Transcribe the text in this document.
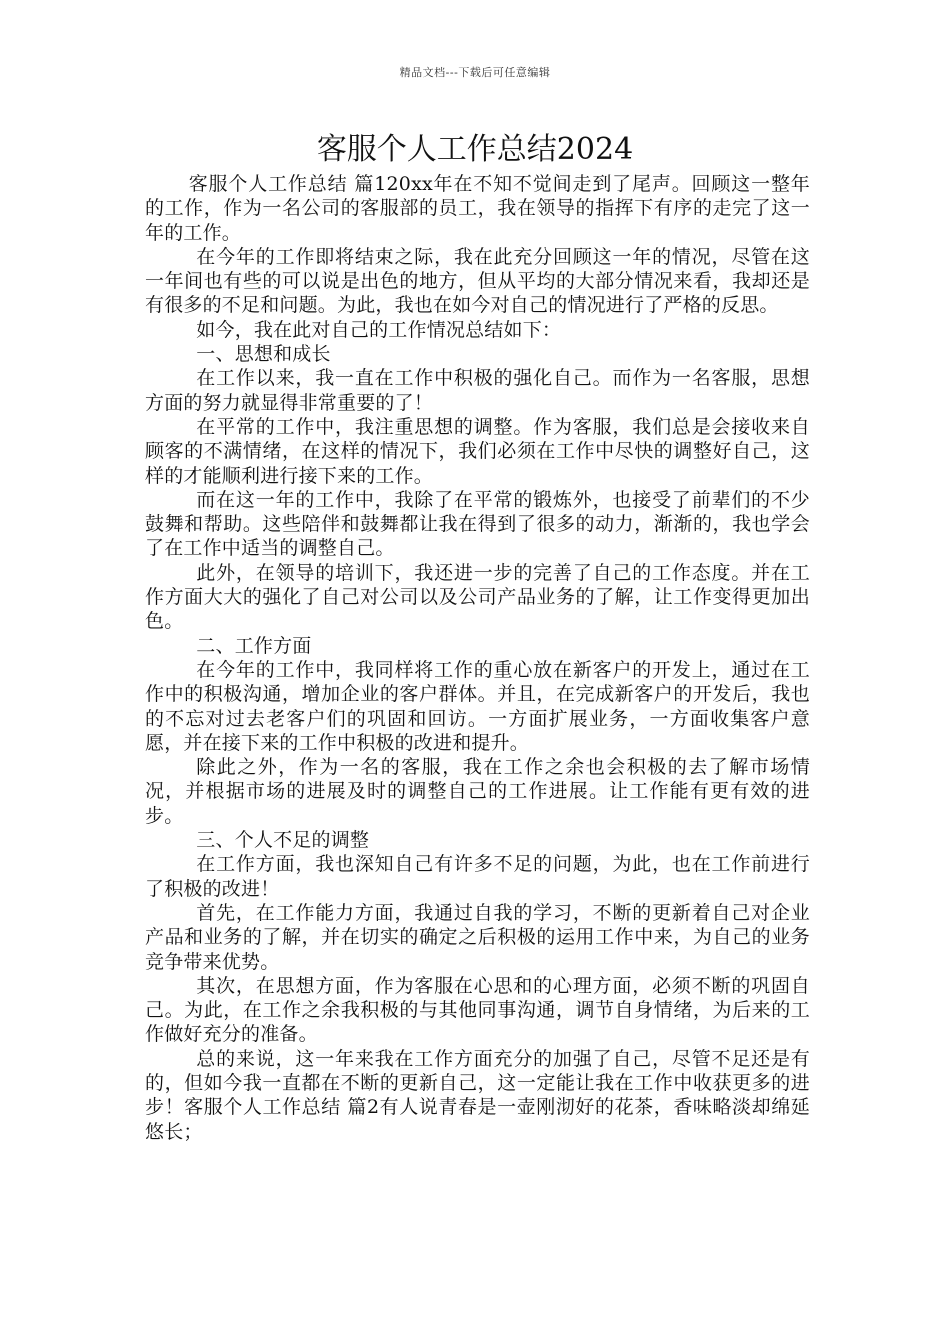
精品文档---下载后可任意编辑
客服个人工作总结2024

客服个人工作总结 篇120xx年在不知不觉间走到了尾声。回顾这一整年的工作，作为一名公司的客服部的员工，我在领导的指挥下有序的走完了这一年的工作。

在今年的工作即将结束之际，我在此充分回顾这一年的情况，尽管在这一年间也有些的可以说是出色的地方，但从平均的大部分情况来看，我却还是有很多的不足和问题。为此，我也在如今对自己的情况进行了严格的反思。

如今，我在此对自己的工作情况总结如下：

一、思想和成长

在工作以来，我一直在工作中积极的强化自己。而作为一名客服，思想方面的努力就显得非常重要的了！

在平常的工作中，我注重思想的调整。作为客服，我们总是会接收来自顾客的不满情绪，在这样的情况下，我们必须在工作中尽快的调整好自己，这样的才能顺利进行接下来的工作。

而在这一年的工作中，我除了在平常的锻炼外，也接受了前辈们的不少鼓舞和帮助。这些陪伴和鼓舞都让我在得到了很多的动力，渐渐的，我也学会了在工作中适当的调整自己。

此外，在领导的培训下，我还进一步的完善了自己的工作态度。并在工作方面大大的强化了自己对公司以及公司产品业务的了解，让工作变得更加出色。

二、工作方面

在今年的工作中，我同样将工作的重心放在新客户的开发上，通过在工作中的积极沟通，增加企业的客户群体。并且，在完成新客户的开发后，我也的不忘对过去老客户们的巩固和回访。一方面扩展业务，一方面收集客户意愿，并在接下来的工作中积极的改进和提升。

除此之外，作为一名的客服，我在工作之余也会积极的去了解市场情况，并根据市场的进展及时的调整自己的工作进展。让工作能有更有效的进步。

三、个人不足的调整

在工作方面，我也深知自己有许多不足的问题，为此，也在工作前进行了积极的改进！

首先，在工作能力方面，我通过自我的学习，不断的更新着自己对企业产品和业务的了解，并在切实的确定之后积极的运用工作中来，为自己的业务竞争带来优势。

其次，在思想方面，作为客服在心思和的心理方面，必须不断的巩固自己。为此，在工作之余我积极的与其他同事沟通，调节自身情绪，为后来的工作做好充分的准备。

总的来说，这一年来我在工作方面充分的加强了自己，尽管不足还是有的，但如今我一直都在不断的更新自己，这一定能让我在工作中收获更多的进步！客服个人工作总结 篇2有人说青春是一壶刚沏好的花茶，香味略淡却绵延悠长；
